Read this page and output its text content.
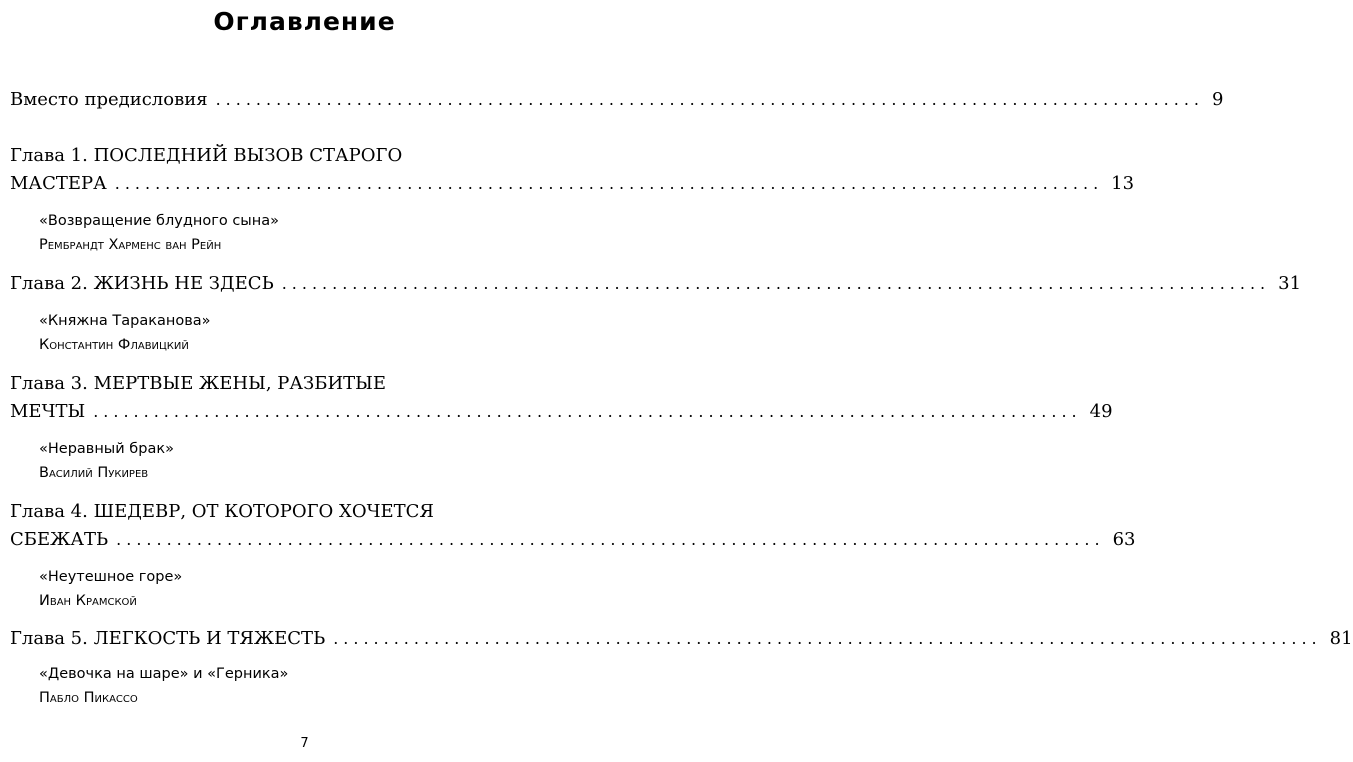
Оглавление
Вместо предисловия .................................................................................................. 9
Глава 1. ПОСЛЕДНИЙ ВЫЗОВ СТАРОГО
МАСТЕРА .................................................................................................. 13
«Возвращение блудного сына»
Рембрандт Харменс ван Рейн
Глава 2. ЖИЗНЬ НЕ ЗДЕСЬ .................................................................................................. 31
«Княжна Тараканова»
Константин Флавицкий
Глава 3. МЕРТВЫЕ ЖЕНЫ, РАЗБИТЫЕ
МЕЧТЫ .................................................................................................. 49
«Неравный брак»
Василий Пукирев
Глава 4. ШЕДЕВР, ОТ КОТОРОГО ХОЧЕТСЯ
СБЕЖАТЬ .................................................................................................. 63
«Неутешное горе»
Иван Крамской
Глава 5. ЛЕГКОСТЬ И ТЯЖЕСТЬ .................................................................................................. 81
«Девочка на шаре» и «Герника»
Пабло Пикассо
7
